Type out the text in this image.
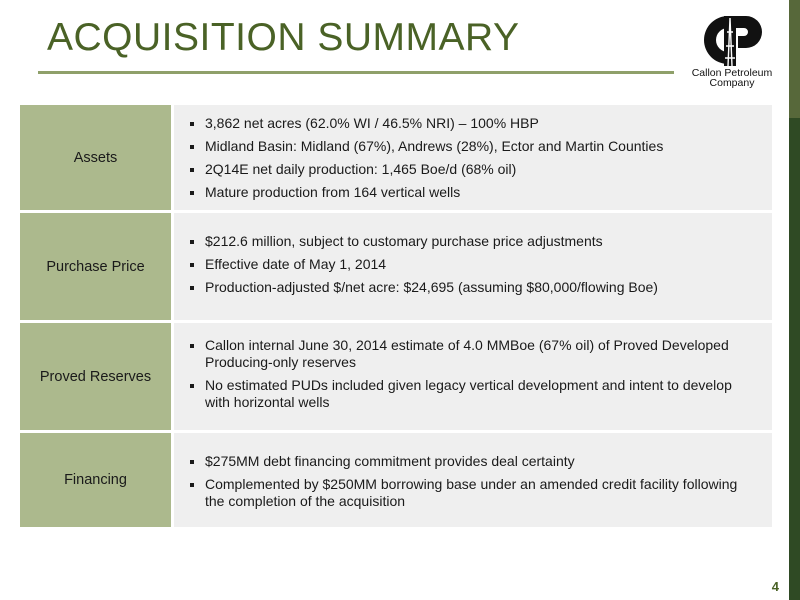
ACQUISITION SUMMARY
Callon Petroleum
Company
Assets
3,862 net acres (62.0% WI / 46.5% NRI) – 100% HBP
Midland Basin: Midland (67%), Andrews (28%), Ector and Martin Counties
2Q14E net daily production: 1,465 Boe/d (68% oil)
Mature production from 164 vertical wells
Purchase Price
$212.6 million, subject to customary purchase price adjustments
Effective date of May 1, 2014
Production-adjusted $/net acre: $24,695 (assuming $80,000/flowing Boe)
Proved Reserves
Callon internal June 30, 2014 estimate of 4.0 MMBoe (67% oil) of Proved Developed Producing-only reserves
No estimated PUDs included given legacy vertical development and intent to develop with horizontal wells
Financing
$275MM debt financing commitment provides deal certainty
Complemented by $250MM borrowing base under an amended credit facility following the completion of the acquisition
4
